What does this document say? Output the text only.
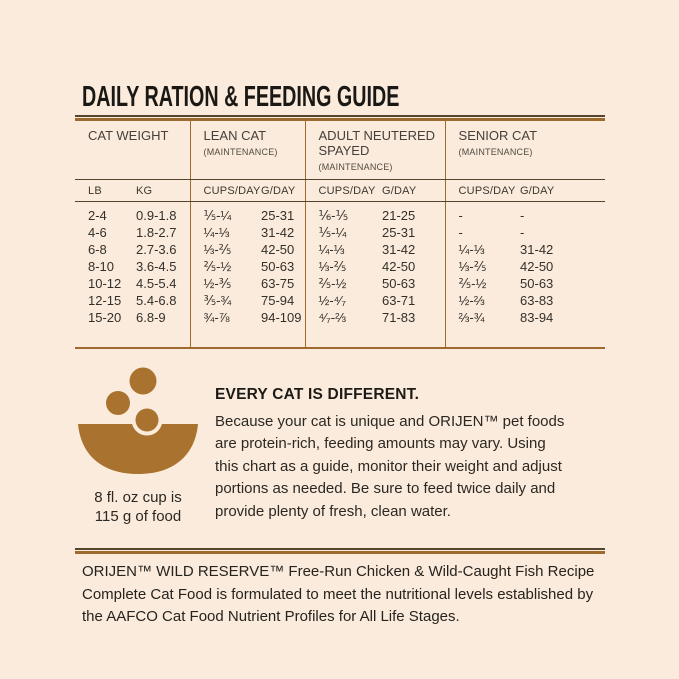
DAILY RATION & FEEDING GUIDE
CAT WEIGHT		LEAN CAT (MAINTENANCE)		ADULT NEUTERED SPAYED (MAINTENANCE)		SENIOR CAT (MAINTENANCE)	
LB	KG	CUPS/DAY	G/DAY	CUPS/DAY	G/DAY	CUPS/DAY	G/DAY
2-4	0.9-1.8	⅕-¼	25-31	⅙-⅕	21-25	-	-
4-6	1.8-2.7	¼-⅓	31-42	⅕-¼	25-31	-	-
6-8	2.7-3.6	⅓-⅖	42-50	¼-⅓	31-42	¼-⅓	31-42
8-10	3.6-4.5	⅖-½	50-63	⅓-⅖	42-50	⅓-⅖	42-50
10-12	4.5-5.4	½-⅗	63-75	⅖-½	50-63	⅖-½	50-63
12-15	5.4-6.8	⅗-¾	75-94	½-⁴⁄₇	63-71	½-⅔	63-83
15-20	6.8-9	¾-⅞	94-109	⁴⁄₇-⅔	71-83	⅔-¾	83-94

8 fl. oz cup is
115 g of food
EVERY CAT IS DIFFERENT.

Because your cat is unique and ORIJEN™ pet foods
are protein-rich, feeding amounts may vary. Using
this chart as a guide, monitor their weight and adjust
portions as needed. Be sure to feed twice daily and
provide plenty of fresh, clean water.

ORIJEN™ WILD RESERVE™ Free-Run Chicken & Wild-Caught Fish Recipe
Complete Cat Food is formulated to meet the nutritional levels established by
the AAFCO Cat Food Nutrient Profiles for All Life Stages.
